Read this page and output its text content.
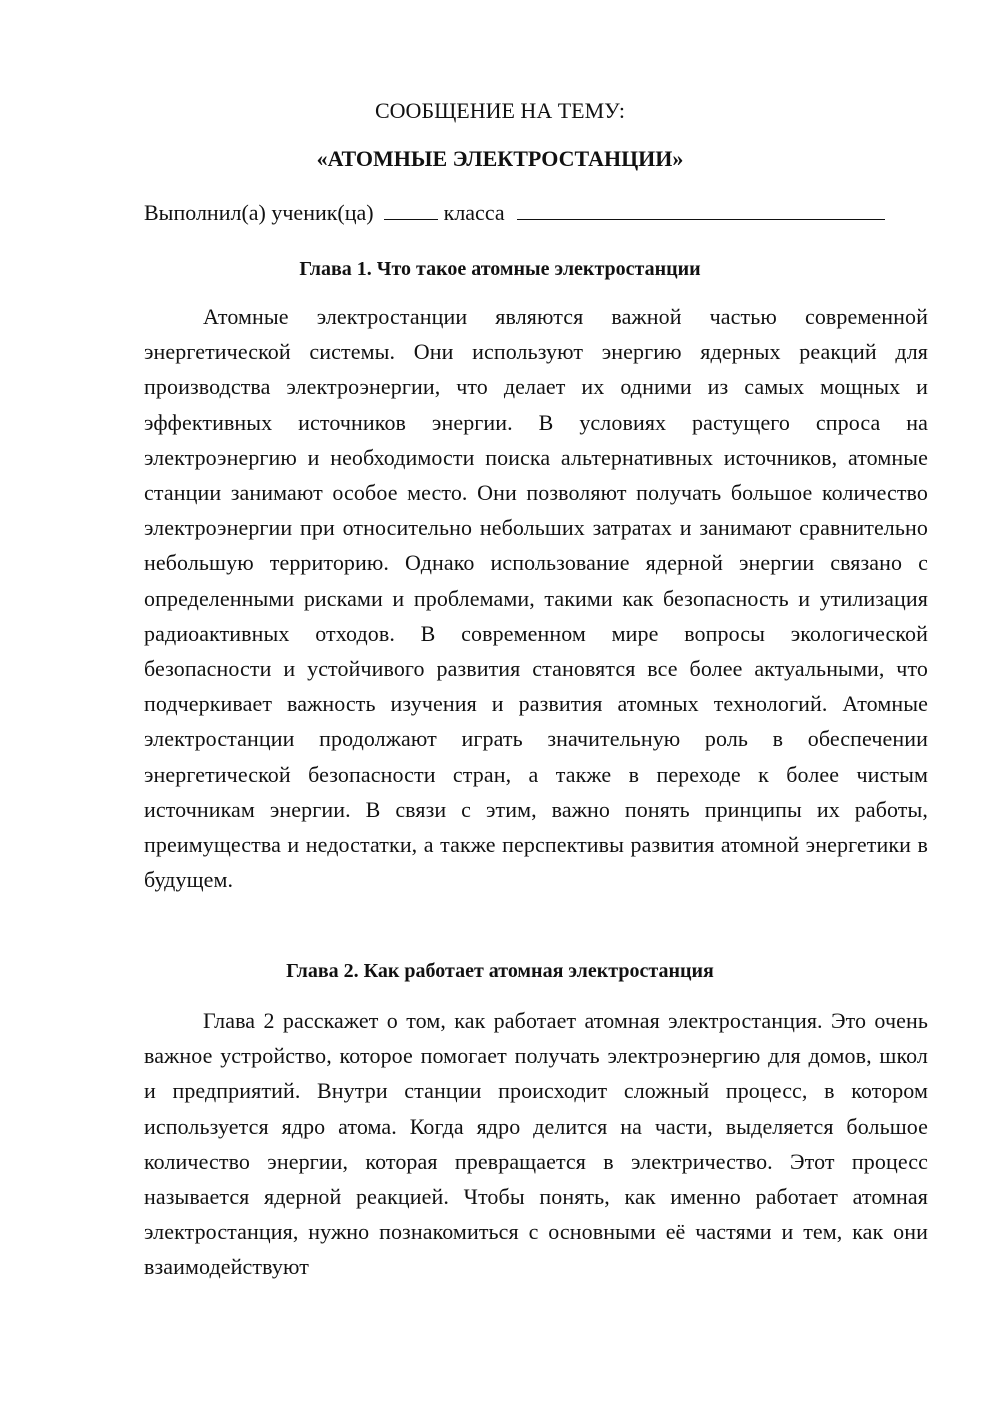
СООБЩЕНИЕ НА ТЕМУ:

«АТОМНЫЕ ЭЛЕКТРОСТАНЦИИ»

Выполнил(а) ученик(ца)	класса

Глава 1. Что такое атомные электростанции

Атомные электростанции являются важной частью современной энергетической системы. Они используют энергию ядерных реакций для производства электроэнергии, что делает их одними из самых мощных и эффективных источников энергии. В условиях растущего спроса на электроэнергию и необходимости поиска альтернативных источников, атомные станции занимают особое место. Они позволяют получать большое количество электроэнергии при относительно небольших затратах и занимают сравнительно небольшую территорию. Однако использование ядерной энергии связано с определенными рисками и проблемами, такими как безопасность и утилизация радиоактивных отходов. В современном мире вопросы экологической безопасности и устойчивого развития становятся все более актуальными, что подчеркивает важность изучения и развития атомных технологий. Атомные электростанции продолжают играть значительную роль в обеспечении энергетической безопасности стран, а также в переходе к более чистым источникам энергии. В связи с этим, важно понять принципы их работы, преимущества и недостатки, а также перспективы развития атомной энергетики в будущем.

Глава 2. Как работает атомная электростанция

Глава 2 расскажет о том, как работает атомная электростанция. Это очень важное устройство, которое помогает получать электроэнергию для домов, школ и предприятий. Внутри станции происходит сложный процесс, в котором используется ядро атома. Когда ядро делится на части, выделяется большое количество энергии, которая превращается в электричество. Этот процесс называется ядерной реакцией. Чтобы понять, как именно работает атомная электростанция, нужно познакомиться с основными её частями и тем, как они взаимодействуют
